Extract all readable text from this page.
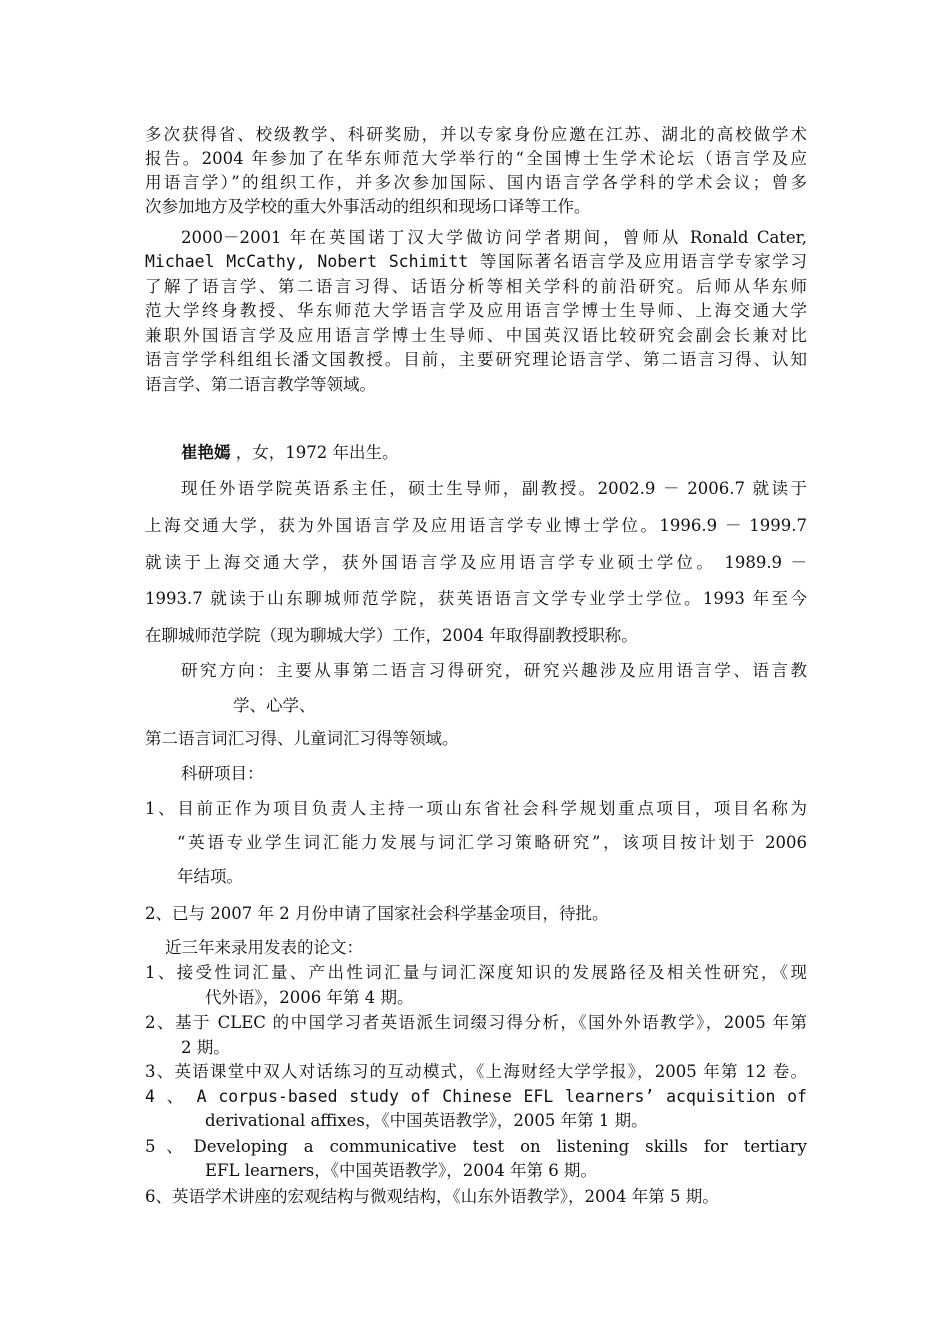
多次获得省、校级教学、科研奖励，并以专家身份应邀在江苏、湖北的高校做学术
报告。2004 年参加了在华东师范大学举行的“全国博士生学术论坛（语言学及应
用语言学）”的组织工作，并多次参加国际、国内语言学各学科的学术会议；曾多
次参加地方及学校的重大外事活动的组织和现场口译等工作。
2000－2001 年在英国诺丁汉大学做访问学者期间，曾师从 Ronald Cater,
Michael McCathy, Nobert Schimitt 等国际著名语言学及应用语言学专家学习
了解了语言学、第二语言习得、话语分析等相关学科的前沿研究。后师从华东师
范大学终身教授、华东师范大学语言学及应用语言学博士生导师、上海交通大学
兼职外国语言学及应用语言学博士生导师、中国英汉语比较研究会副会长兼对比
语言学学科组组长潘文国教授。目前，主要研究理论语言学、第二语言习得、认知
语言学、第二语言教学等领域。
崔艳嫣 ，女，1972 年出生。
现任外语学院英语系主任，硕士生导师，副教授。2002.9 － 2006.7 就读于
上海交通大学，获为外国语言学及应用语言学专业博士学位。1996.9 － 1999.7
就读于上海交通大学，获外国语言学及应用语言学专业硕士学位。 1989.9 －
1993.7 就读于山东聊城师范学院，获英语语言文学专业学士学位。1993 年至今
在聊城师范学院（现为聊城大学）工作，2004 年取得副教授职称。
研究方向：主要从事第二语言习得研究，研究兴趣涉及应用语言学、语言教
学、心学、
第二语言词汇习得、儿童词汇习得等领域。
科研项目：
1、目前正作为项目负责人主持一项山东省社会科学规划重点项目，项目名称为
“英语专业学生词汇能力发展与词汇学习策略研究”，该项目按计划于 2006
年结项。
2、已与 2007 年 2 月份申请了国家社会科学基金项目，待批。
近三年来录用发表的论文：
1、接受性词汇量、产出性词汇量与词汇深度知识的发展路径及相关性研究，《现
代外语》，2006 年第 4 期。
2、基于 CLEC 的中国学习者英语派生词缀习得分析，《国外外语教学》，2005 年第
2 期。
3、英语课堂中双人对话练习的互动模式，《上海财经大学学报》，2005 年第 12 卷。
4 、 A corpus-based study of Chinese EFL learners’ acquisition of
derivational affixes，《中国英语教学》，2005 年第 1 期。
5、Developing a communicative test on listening skills for tertiary
EFL learners，《中国英语教学》，2004 年第 6 期。
6、英语学术讲座的宏观结构与微观结构，《山东外语教学》，2004 年第 5 期。
